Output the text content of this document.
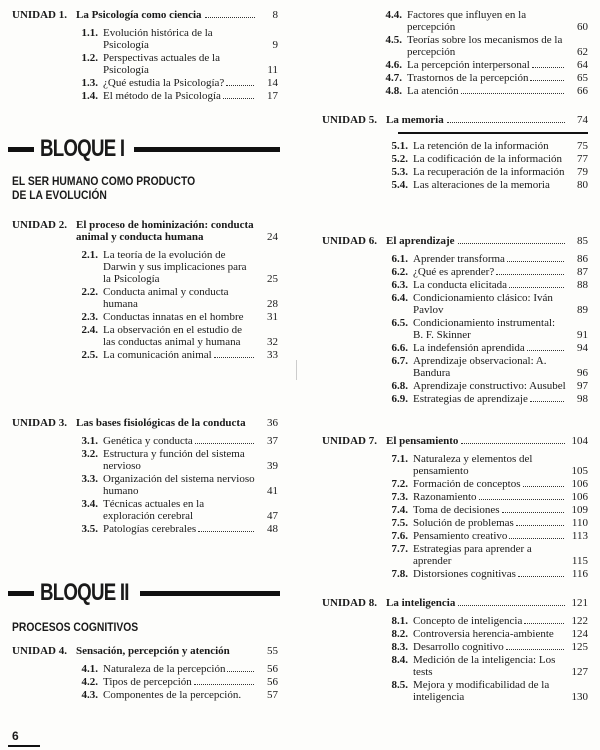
UNIDAD 1. La Psicología como ciencia	8
1.1. Evolución histórica de la Psicología	9
1.2. Perspectivas actuales de la Psicología	11
1.3. ¿Qué estudia la Psicología?	14
1.4. El método de la Psicología	17
BLOQUE I
EL SER HUMANO COMO PRODUCTO
DE LA EVOLUCIÓN
UNIDAD 2. El proceso de hominización: conducta animal y conducta humana	24
2.1. La teoría de la evolución de Darwin y sus implicaciones para la Psicología	25
2.2. Conducta animal y conducta humana	28
2.3. Conductas innatas en el hombre	31
2.4. La observación en el estudio de las conductas animal y humana	32
2.5. La comunicación animal	33
UNIDAD 3. Las bases fisiológicas de la conducta	36
3.1. Genética y conducta	37
3.2. Estructura y función del sistema nervioso	39
3.3. Organización del sistema nervioso humano	41
3.4. Técnicas actuales en la exploración cerebral	47
3.5. Patologías cerebrales	48
BLOQUE II
PROCESOS COGNITIVOS
UNIDAD 4. Sensación, percepción y atención	55
4.1. Naturaleza de la percepción	56
4.2. Tipos de percepción	56
4.3. Componentes de la percepción.	57
4.4. Factores que influyen en la percepción	60
4.5. Teorías sobre los mecanismos de la percepción	62
4.6. La percepción interpersonal	64
4.7. Trastornos de la percepción	65
4.8. La atención	66
UNIDAD 5. La memoria	74
5.1. La retención de la información	75
5.2. La codificación de la información	77
5.3. La recuperación de la información	79
5.4. Las alteraciones de la memoria	80
UNIDAD 6. El aprendizaje	85
6.1. Aprender transforma	86
6.2. ¿Qué es aprender?	87
6.3. La conducta elicitada	88
6.4. Condicionamiento clásico: Iván Pavlov	89
6.5. Condicionamiento instrumental: B. F. Skinner	91
6.6. La indefensión aprendida	94
6.7. Aprendizaje observacional: A. Bandura	96
6.8. Aprendizaje constructivo: Ausubel	97
6.9. Estrategias de aprendizaje	98
UNIDAD 7. El pensamiento	104
7.1. Naturaleza y elementos del pensamiento	105
7.2. Formación de conceptos	106
7.3. Razonamiento	106
7.4. Toma de decisiones	109
7.5. Solución de problemas	110
7.6. Pensamiento creativo	113
7.7. Estrategias para aprender a aprender	115
7.8. Distorsiones cognitivas	116
UNIDAD 8. La inteligencia	121
8.1. Concepto de inteligencia	122
8.2. Controversia herencia-ambiente	124
8.3. Desarrollo cognitivo	125
8.4. Medición de la inteligencia: Los tests	127
8.5. Mejora y modificabilidad de la inteligencia	130
6
